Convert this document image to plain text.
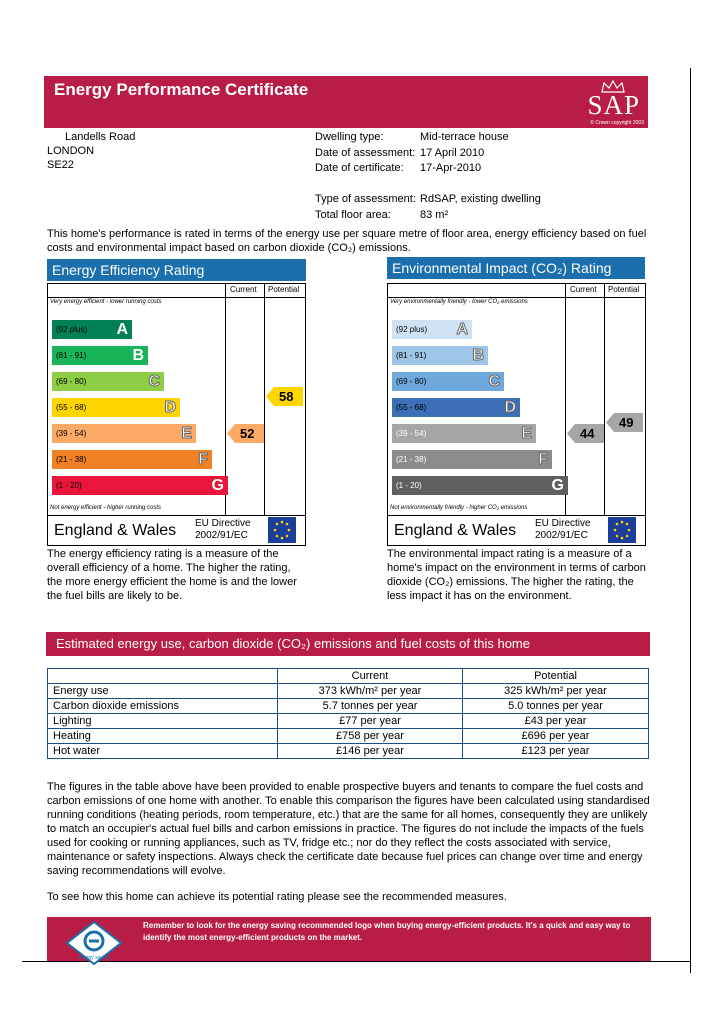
Energy Performance Certificate
SAP
© Crown copyright 2003
Landells Road
LONDON
SE22
Dwelling type:	Mid-terrace house
Date of assessment: 17 April 2010
Date of certificate: 17-Apr-2010
Type of assessment: RdSAP, existing dwelling
Total floor area:	83 m²
This home's performance is rated in terms of the energy use per square metre of floor area, energy efficiency based on fuel costs and environmental impact based on carbon dioxide (CO₂) emissions.
Energy Efficiency Rating
Current Potential
Very energy efficient - lower running costs
Not energy efficient - higher running costs
England & Wales EU Directive
2002/91/EC
(92 plus) A
(81 - 91)	B
(69 - 80)	C
(55 - 68)	D
(39 - 54)	E
(21 - 38)	F
(1 - 20)	G
52
58
The energy efficiency rating is a measure of the overall efficiency of a home. The higher the rating, the more energy efficient the home is and the lower the fuel bills are likely to be.
Environmental Impact (CO₂) Rating
Current Potential
Very environmentally friendly - lower CO₂ emissions
Not environmentally friendly - higher CO₂ emissions
England & Wales EU Directive
2002/91/EC
(92 plus) A
(81 - 91)	B
(69 - 80)	C
(55 - 68)	D
(39 - 54)	E
(21 - 38)	F
(1 - 20)	G
44
49
The environmental impact rating is a measure of a home's impact on the environment in terms of carbon dioxide (CO₂) emissions. The higher the rating, the less impact it has on the environment.
Estimated energy use, carbon dioxide (CO₂) emissions and fuel costs of this home
	Current	Potential
Energy use	373 kWh/m² per year	325 kWh/m² per year
Carbon dioxide emissions	5.7 tonnes per year	5.0 tonnes per year
Lighting	£77 per year	£43 per year
Heating	£758 per year	£696 per year
Hot water	£146 per year	£123 per year
The figures in the table above have been provided to enable prospective buyers and tenants to compare the fuel costs and carbon emissions of one home with another. To enable this comparison the figures have been calculated using standardised running conditions (heating periods, room temperature, etc.) that are the same for all homes, consequently they are unlikely to match an occupier's actual fuel bills and carbon emissions in practice. The figures do not include the impacts of the fuels used for cooking or running appliances, such as TV, fridge etc.; nor do they reflect the costs associated with service, maintenance or safety inspections. Always check the certificate date because fuel prices can change over time and energy saving recommendations will evolve.
To see how this home can achieve its potential rating please see the recommended measures.
energy saving
Remember to look for the energy saving recommended logo when buying energy-efficient products. It's a quick and easy way to identify the most energy-efficient products on the market.
